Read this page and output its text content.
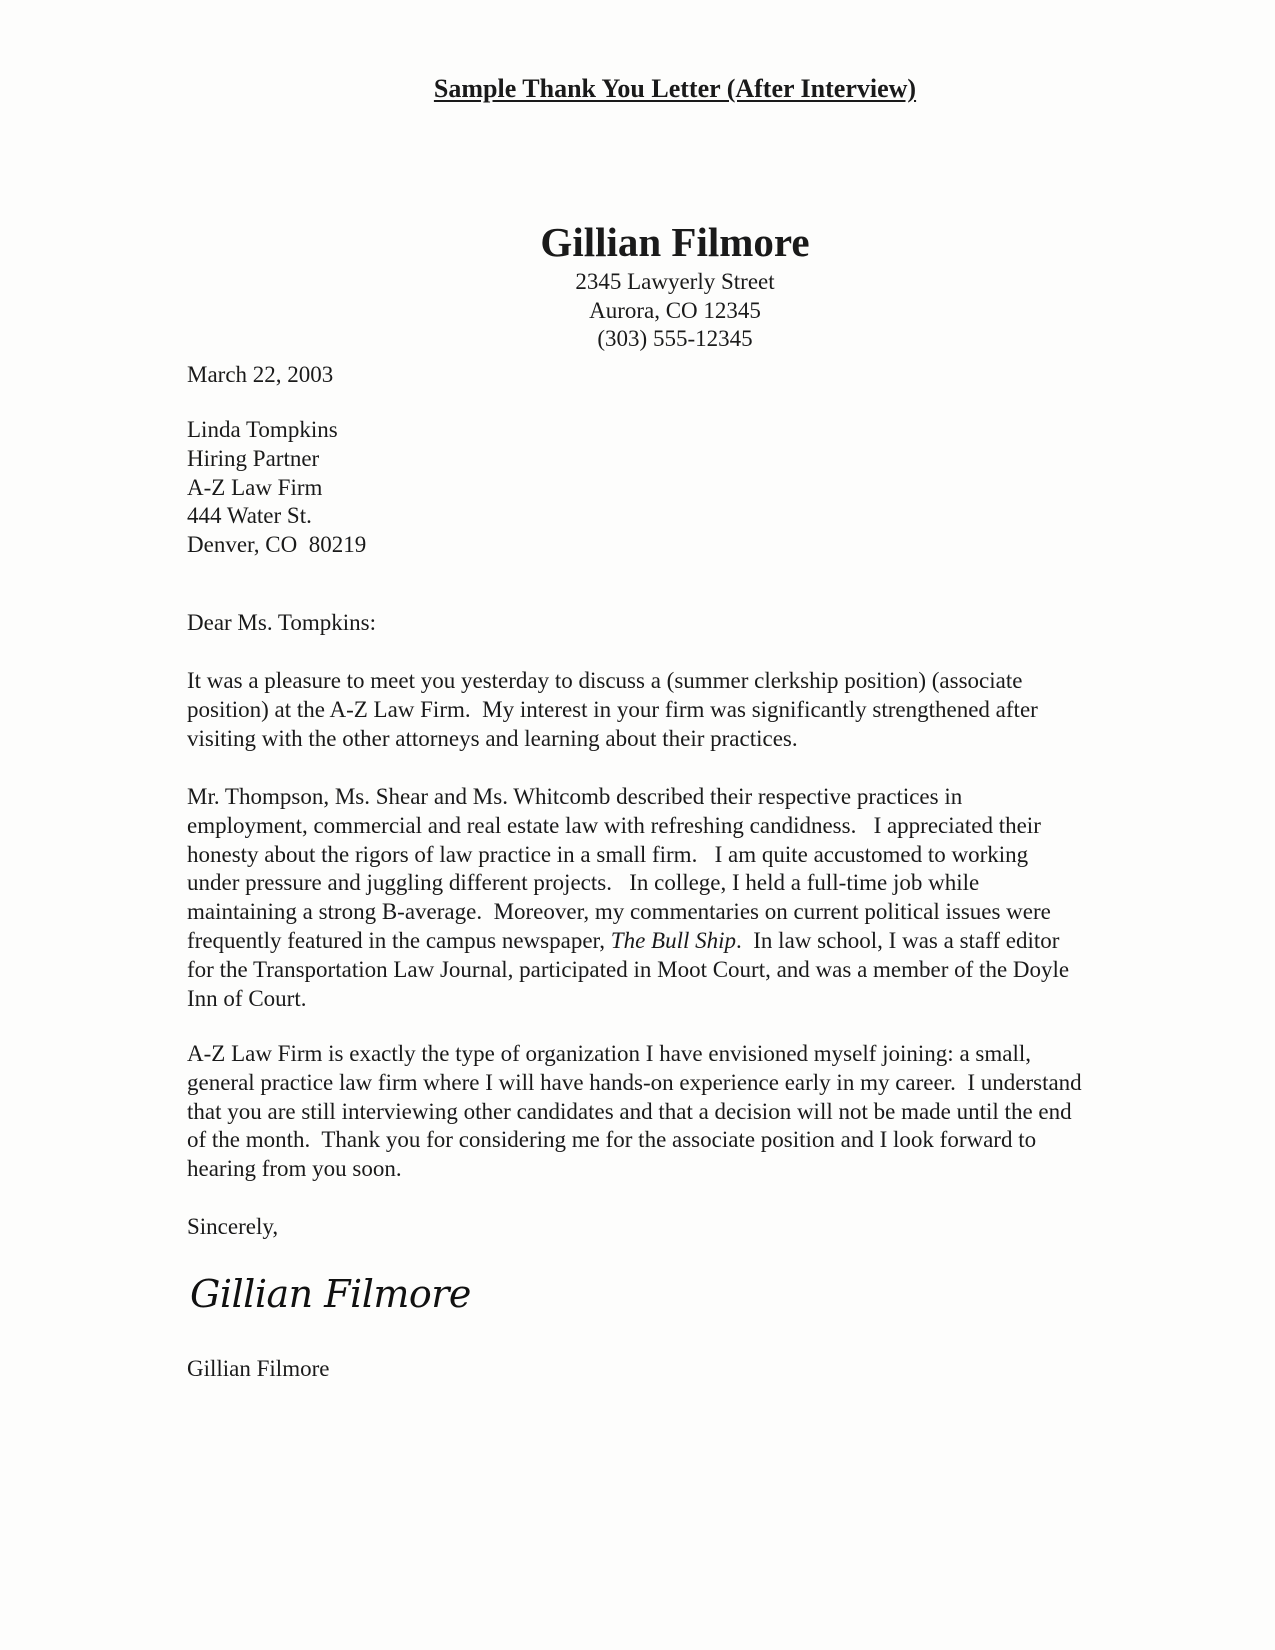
Sample Thank You Letter (After Interview)
Gillian Filmore
2345 Lawyerly Street
Aurora, CO 12345
(303) 555-12345
March 22, 2003
Linda Tompkins
Hiring Partner
A-Z Law Firm
444 Water St.
Denver, CO  80219
Dear Ms. Tompkins:
It was a pleasure to meet you yesterday to discuss a (summer clerkship position) (associate
position) at the A-Z Law Firm.  My interest in your firm was significantly strengthened after
visiting with the other attorneys and learning about their practices.
Mr. Thompson, Ms. Shear and Ms. Whitcomb described their respective practices in
employment, commercial and real estate law with refreshing candidness.   I appreciated their
honesty about the rigors of law practice in a small firm.   I am quite accustomed to working
under pressure and juggling different projects.   In college, I held a full-time job while
maintaining a strong B-average.  Moreover, my commentaries on current political issues were
frequently featured in the campus newspaper, The Bull Ship.  In law school, I was a staff editor
for the Transportation Law Journal, participated in Moot Court, and was a member of the Doyle
Inn of Court.
A-Z Law Firm is exactly the type of organization I have envisioned myself joining: a small,
general practice law firm where I will have hands-on experience early in my career.  I understand
that you are still interviewing other candidates and that a decision will not be made until the end
of the month.  Thank you for considering me for the associate position and I look forward to
hearing from you soon.
Sincerely,
Gillian Filmore
Gillian Filmore
